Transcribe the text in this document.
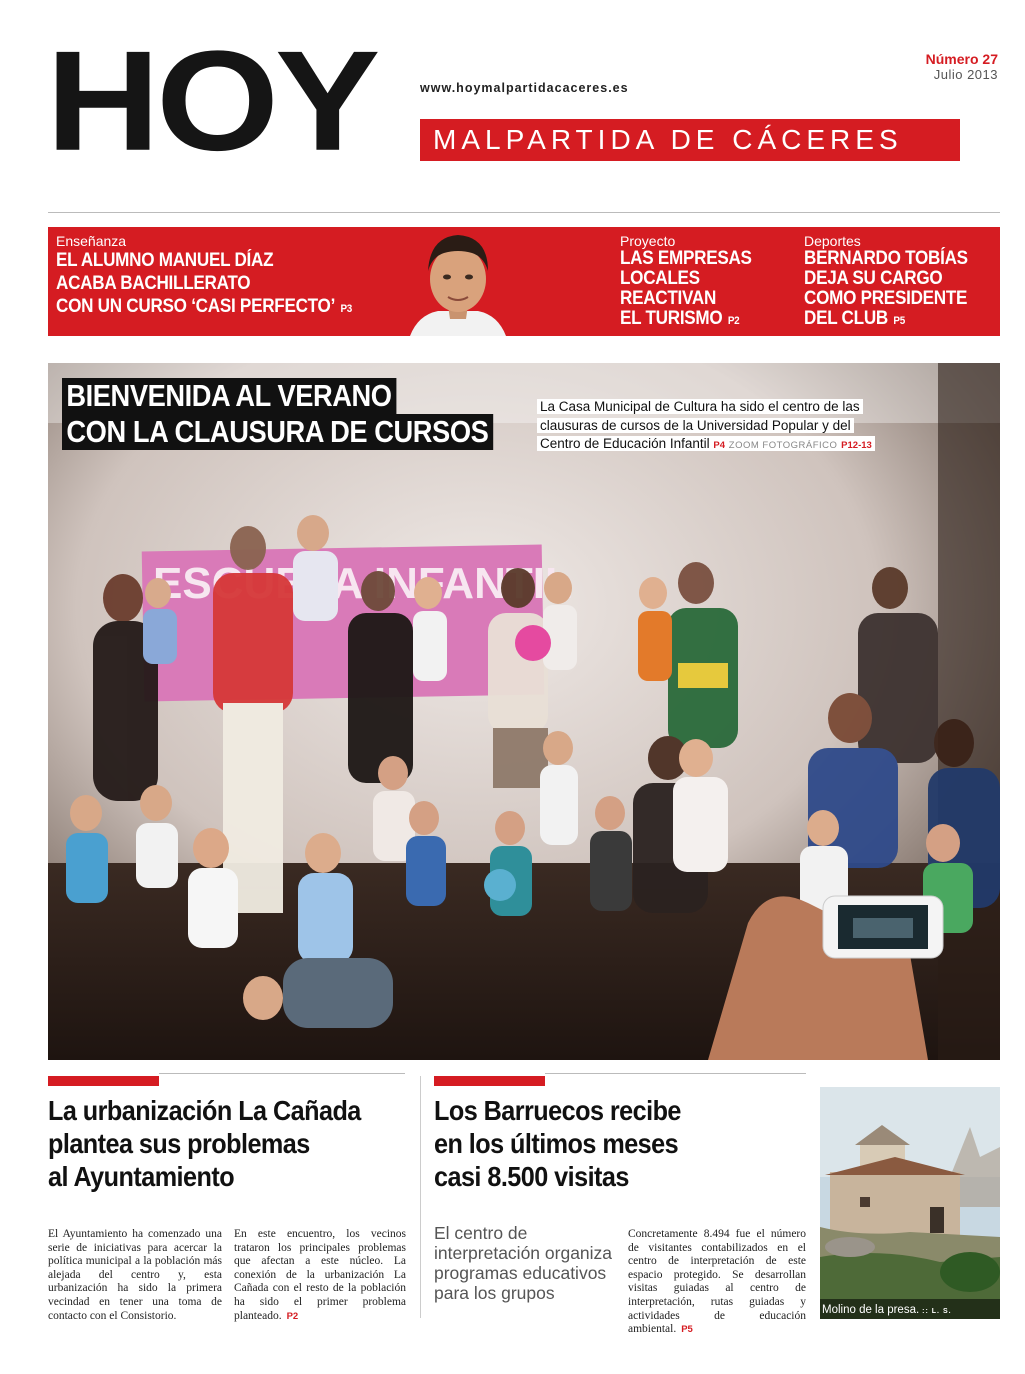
HOY	www.hoymalpartidacaceres.es
Número 27
Julio 2013
MALPARTIDA DE CÁCERES
Enseñanza
EL ALUMNO MANUEL DÍAZ
ACABA BACHILLERATO
CON UN CURSO ‘CASI PERFECTO’ P3
Proyecto
LAS EMPRESAS
LOCALES
REACTIVAN
EL TURISMO P2
Deportes
BERNARDO TOBÍAS
DEJA SU CARGO
COMO PRESIDENTE
DEL CLUB P5
INFANTIL
BIENVENIDA AL VERANO
CON LA CLAUSURA DE CURSOS
La Casa Municipal de Cultura ha sido el centro de las
clausuras de cursos de la Universidad Popular y del
Centro de Educación Infantil P4 ZOOM FOTOGRÁFICO P12-13
La urbanización La Cañada
plantea sus problemas
al Ayuntamiento
El Ayuntamiento ha comenzado una serie de iniciativas para acercar la política municipal a la población más alejada del centro y, esta urbanización ha sido la primera vecindad en tener una toma de contacto con el Consistorio.
En este encuentro, los vecinos trataron los principales problemas que afectan a este núcleo. La conexión de la urbanización La Cañada con el resto de la población ha sido el primer problema planteado. P2
Los Barruecos recibe
en los últimos meses
casi 8.500 visitas
El centro de
interpretación organiza
programas educativos
para los grupos
Concretamente 8.494 fue el número de visitantes contabilizados en el centro de interpretación de este espacio protegido. Se desarrollan visitas guiadas al centro de interpretación, rutas guiadas y actividades de educación ambiental. P5
Molino de la presa. :: L. S.
